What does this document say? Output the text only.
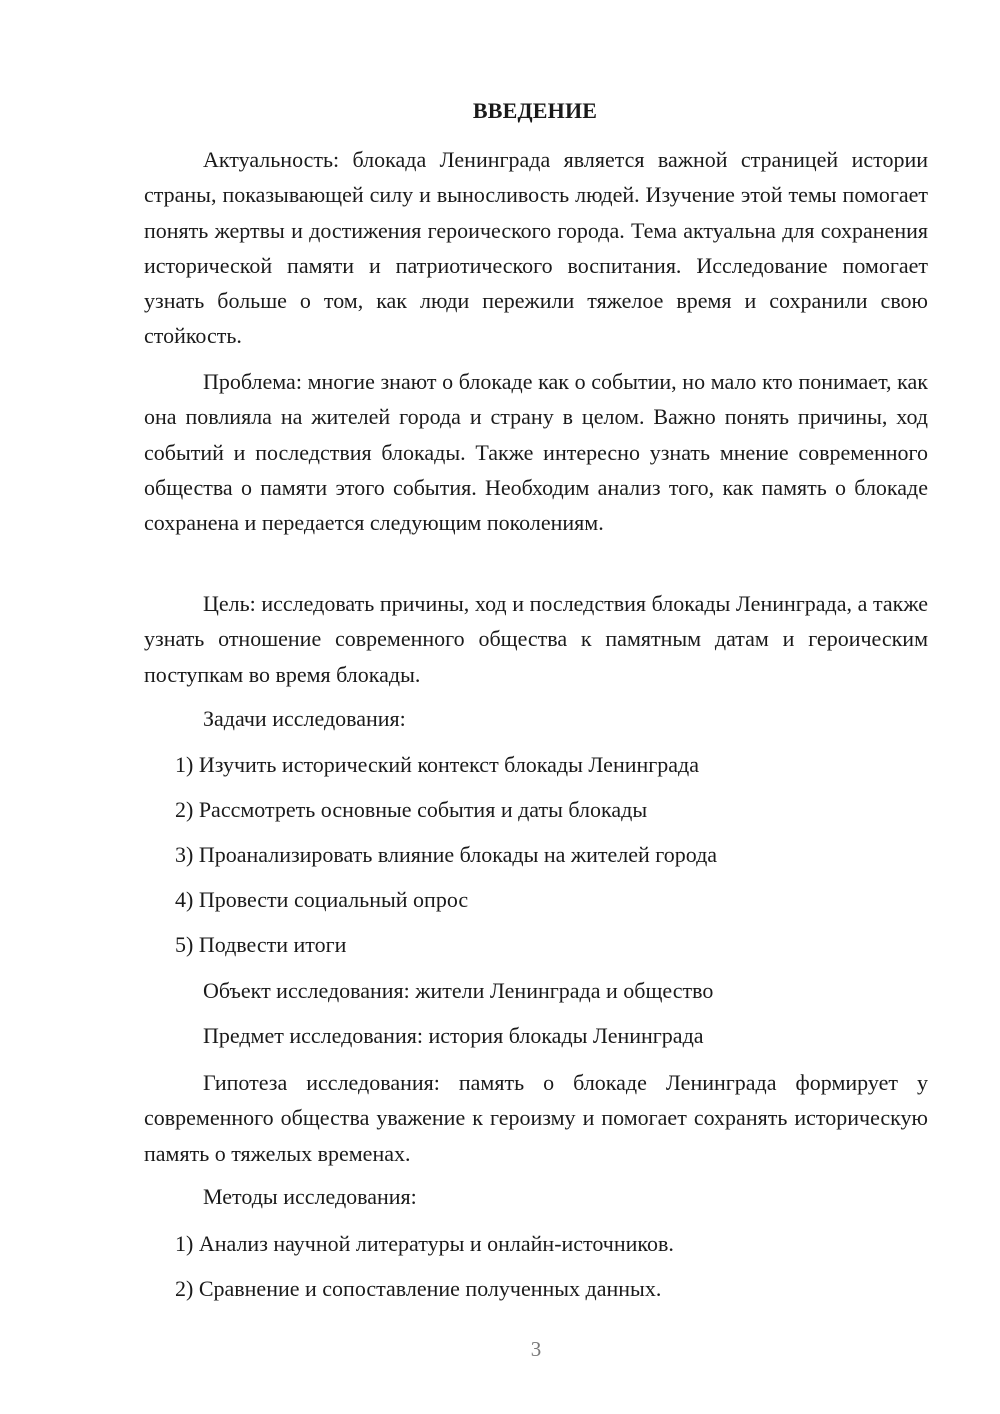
ВВЕДЕНИЕ

Актуальность: блокада Ленинграда является важной страницей истории страны, показывающей силу и выносливость людей. Изучение этой темы помогает понять жертвы и достижения героического города. Тема актуальна для сохранения исторической памяти и патриотического воспитания. Исследование помогает узнать больше о том, как люди пережили тяжелое время и сохранили свою стойкость.

Проблема: многие знают о блокаде как о событии, но мало кто понимает, как она повлияла на жителей города и страну в целом. Важно понять причины, ход событий и последствия блокады. Также интересно узнать мнение современного общества о памяти этого события. Необходим анализ того, как память о блокаде сохранена и передается следующим поколениям.

Цель: исследовать причины, ход и последствия блокады Ленинграда, а также узнать отношение современного общества к памятным датам и героическим поступкам во время блокады.

Задачи исследования:
1) Изучить исторический контекст блокады Ленинграда
2) Рассмотреть основные события и даты блокады
3) Проанализировать влияние блокады на жителей города
4) Провести социальный опрос
5) Подвести итоги
Объект исследования: жители Ленинграда и общество
Предмет исследования: история блокады Ленинграда

Гипотеза исследования: память о блокаде Ленинграда формирует у современного общества уважение к героизму и помогает сохранять историческую память о тяжелых временах.

Методы исследования:
1) Анализ научной литературы и онлайн-источников.
2) Сравнение и сопоставление полученных данных.
3
